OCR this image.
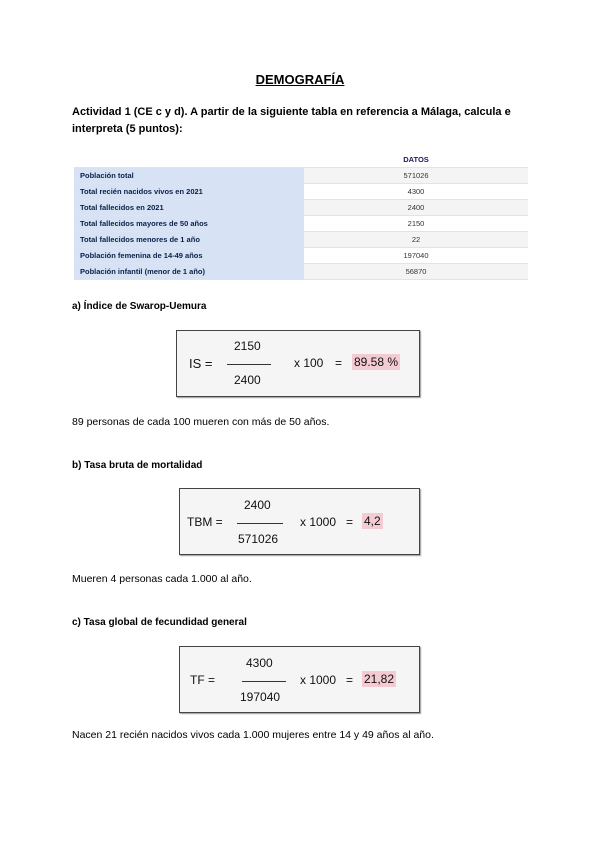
DEMOGRAFÍA
Actividad 1 (CE c y d). A partir de la siguiente tabla en referencia a Málaga, calcula e interpreta (5 puntos):
	DATOS
Población total	571026
Total recién nacidos vivos en 2021	4300
Total fallecidos en 2021	2400
Total fallecidos mayores de 50 años	2150
Total fallecidos menores de 1 año	22
Población femenina de 14-49 años	197040
Población infantil (menor de 1 año)	56870
a) Índice de Swarop-Uemura
IS =
2150
2400
x 100 = 89.58 %
89 personas de cada 100 mueren con más de 50 años.
b) Tasa bruta de mortalidad
TBM =
2400
571026
x 1000 = 4,2
Mueren 4 personas cada 1.000 al año.
c) Tasa global de fecundidad general
TF =
4300
197040
x 1000 = 21,82
Nacen 21 recién nacidos vivos cada 1.000 mujeres entre 14 y 49 años al año.
